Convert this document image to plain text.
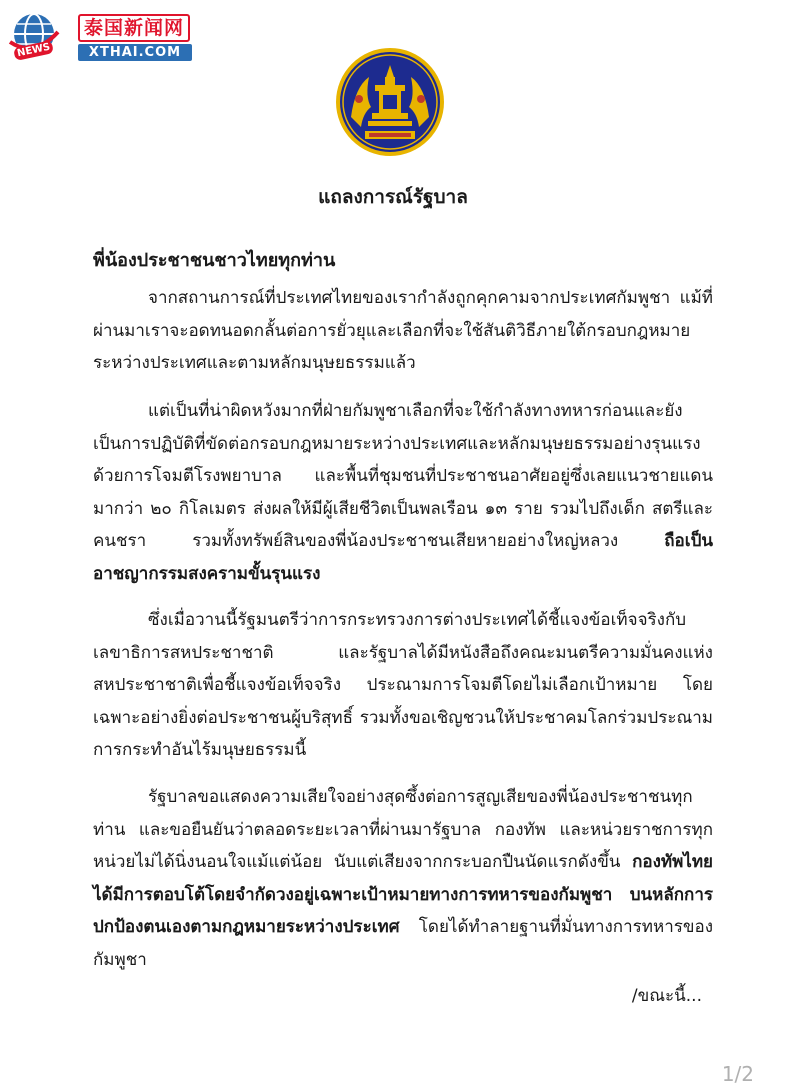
NEWS
泰国新闻网
XTHAI.COM
แถลงการณ์รัฐบาล
พี่น้องประชาชนชาวไทยทุกท่าน
จากสถานการณ์ที่ประเทศไทยของเรากำลังถูกคุกคามจากประเทศกัมพูชา แม้ที่ผ่านมาเราจะอดทนอดกลั้นต่อการยั่วยุและเลือกที่จะใช้สันติวิธีภายใต้กรอบกฎหมายระหว่างประเทศและตามหลักมนุษยธรรมแล้ว
แต่เป็นที่น่าผิดหวังมากที่ฝ่ายกัมพูชาเลือกที่จะใช้กำลังทางทหารก่อนและยังเป็นการปฏิบัติที่ขัดต่อกรอบกฎหมายระหว่างประเทศและหลักมนุษยธรรมอย่างรุนแรง ด้วยการโจมตีโรงพยาบาล และพื้นที่ชุมชนที่ประชาชนอาศัยอยู่ซึ่งเลยแนวชายแดนมากว่า ๒๐ กิโลเมตร ส่งผลให้มีผู้เสียชีวิตเป็นพลเรือน ๑๓ ราย รวมไปถึงเด็ก สตรีและคนชรา รวมทั้งทรัพย์สินของพี่น้องประชาชนเสียหายอย่างใหญ่หลวง ถือเป็นอาชญากรรมสงครามขั้นรุนแรง
ซึ่งเมื่อวานนี้รัฐมนตรีว่าการกระทรวงการต่างประเทศได้ชี้แจงข้อเท็จจริงกับเลขาธิการสหประชาชาติ และรัฐบาลได้มีหนังสือถึงคณะมนตรีความมั่นคงแห่งสหประชาชาติเพื่อชี้แจงข้อเท็จจริง ประณามการโจมตีโดยไม่เลือกเป้าหมาย โดยเฉพาะอย่างยิ่งต่อประชาชนผู้บริสุทธิ์ รวมทั้งขอเชิญชวนให้ประชาคมโลกร่วมประณามการกระทำอันไร้มนุษยธรรมนี้
รัฐบาลขอแสดงความเสียใจอย่างสุดซึ้งต่อการสูญเสียของพี่น้องประชาชนทุกท่าน และขอยืนยันว่าตลอดระยะเวลาที่ผ่านมารัฐบาล กองทัพ และหน่วยราชการทุกหน่วยไม่ได้นิ่งนอนใจแม้แต่น้อย นับแต่เสียงจากกระบอกปืนนัดแรกดังขึ้น กองทัพไทยได้มีการตอบโต้โดยจำกัดวงอยู่เฉพาะเป้าหมายทางการทหารของกัมพูชา บนหลักการปกป้องตนเองตามกฎหมายระหว่างประเทศ โดยได้ทำลายฐานที่มั่นทางการทหารของกัมพูชา
/ขณะนี้...
1/2
